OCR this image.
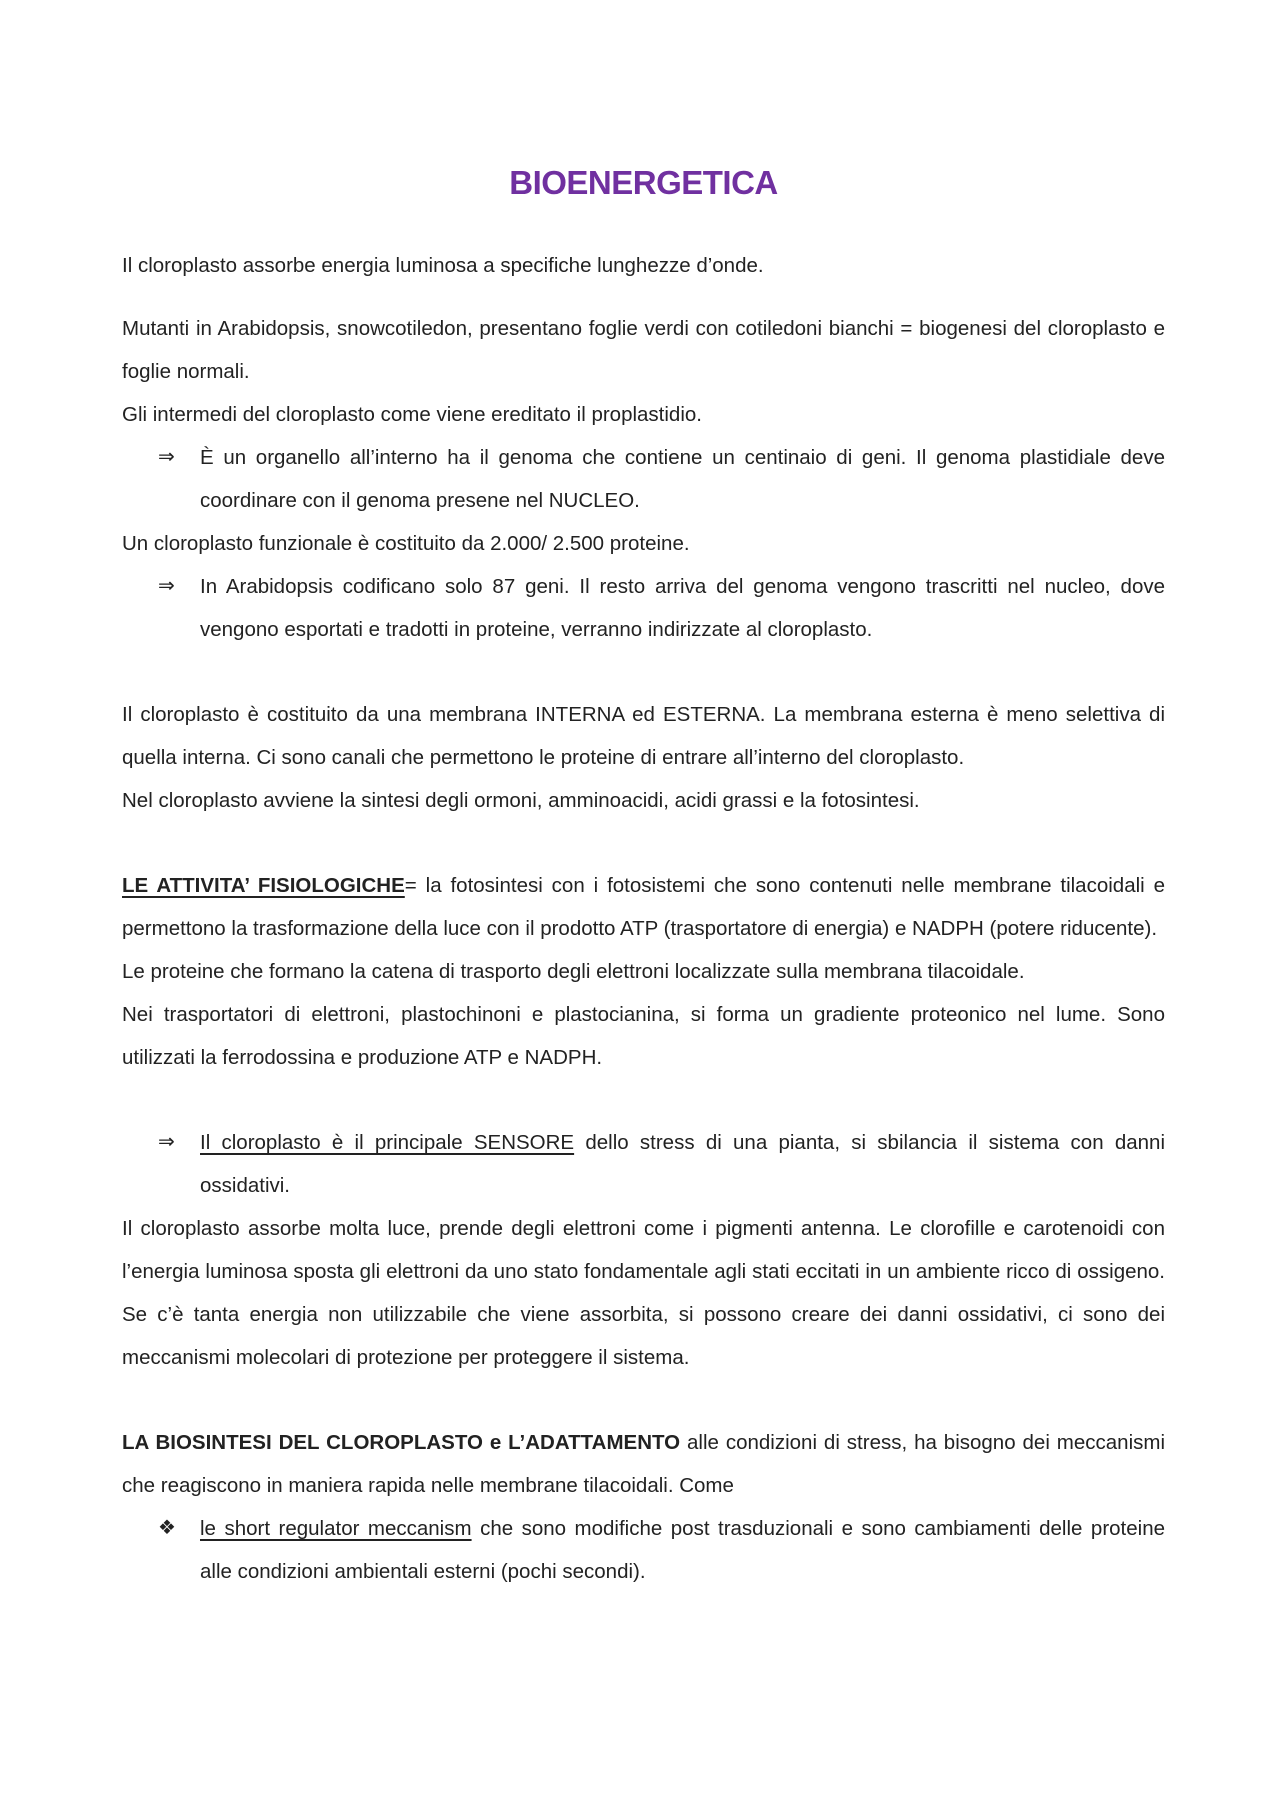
BIOENERGETICA

Il cloroplasto assorbe energia luminosa a specifiche lunghezze d’onde.

Mutanti in Arabidopsis, snowcotiledon, presentano foglie verdi con cotiledoni bianchi = biogenesi del cloroplasto e foglie normali.

Gli intermedi del cloroplasto come viene ereditato il proplastidio.

⇒ È un organello all’interno ha il genoma che contiene un centinaio di geni. Il genoma plastidiale deve coordinare con il genoma presene nel NUCLEO.

Un cloroplasto funzionale è costituito da 2.000/ 2.500 proteine.

⇒ In Arabidopsis codificano solo 87 geni. Il resto arriva del genoma vengono trascritti nel nucleo, dove vengono esportati e tradotti in proteine, verranno indirizzate al cloroplasto.

Il cloroplasto è costituito da una membrana INTERNA ed ESTERNA. La membrana esterna è meno selettiva di quella interna. Ci sono canali che permettono le proteine di entrare all’interno del cloroplasto.

Nel cloroplasto avviene la sintesi degli ormoni, amminoacidi, acidi grassi e la fotosintesi.

LE ATTIVITA’ FISIOLOGICHE= la fotosintesi con i fotosistemi che sono contenuti nelle membrane tilacoidali e permettono la trasformazione della luce con il prodotto ATP (trasportatore di energia) e NADPH (potere riducente).

Le proteine che formano la catena di trasporto degli elettroni localizzate sulla membrana tilacoidale.

Nei trasportatori di elettroni, plastochinoni e plastocianina, si forma un gradiente proteonico nel lume. Sono utilizzati la ferrodossina e produzione ATP e NADPH.

⇒ Il cloroplasto è il principale SENSORE dello stress di una pianta, si sbilancia il sistema con danni ossidativi.

Il cloroplasto assorbe molta luce, prende degli elettroni come i pigmenti antenna. Le clorofille e carotenoidi con l’energia luminosa sposta gli elettroni da uno stato fondamentale agli stati eccitati in un ambiente ricco di ossigeno. Se c’è tanta energia non utilizzabile che viene assorbita, si possono creare dei danni ossidativi, ci sono dei meccanismi molecolari di protezione per proteggere il sistema.

LA BIOSINTESI DEL CLOROPLASTO e L’ADATTAMENTO alle condizioni di stress, ha bisogno dei meccanismi che reagiscono in maniera rapida nelle membrane tilacoidali. Come

❖ le short regulator meccanism che sono modifiche post trasduzionali e sono cambiamenti delle proteine alle condizioni ambientali esterni (pochi secondi).
